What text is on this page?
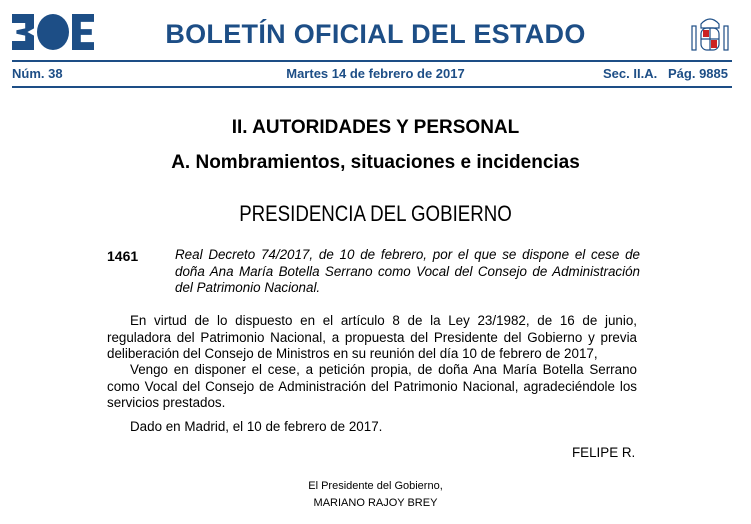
BOLETÍN OFICIAL DEL ESTADO
Núm. 38	Martes 14 de febrero de 2017	Sec. II.A. Pág. 9885
II. AUTORIDADES Y PERSONAL
A. Nombramientos, situaciones e incidencias
PRESIDENCIA DEL GOBIERNO
1461	Real Decreto 74/2017, de 10 de febrero, por el que se dispone el cese de doña Ana María Botella Serrano como Vocal del Consejo de Administración del Patrimonio Nacional.
En virtud de lo dispuesto en el artículo 8 de la Ley 23/1982, de 16 de junio, reguladora del Patrimonio Nacional, a propuesta del Presidente del Gobierno y previa deliberación del Consejo de Ministros en su reunión del día 10 de febrero de 2017,
Vengo en disponer el cese, a petición propia, de doña Ana María Botella Serrano como Vocal del Consejo de Administración del Patrimonio Nacional, agradeciéndole los servicios prestados.
Dado en Madrid, el 10 de febrero de 2017.
FELIPE R.
El Presidente del Gobierno,
MARIANO RAJOY BREY
